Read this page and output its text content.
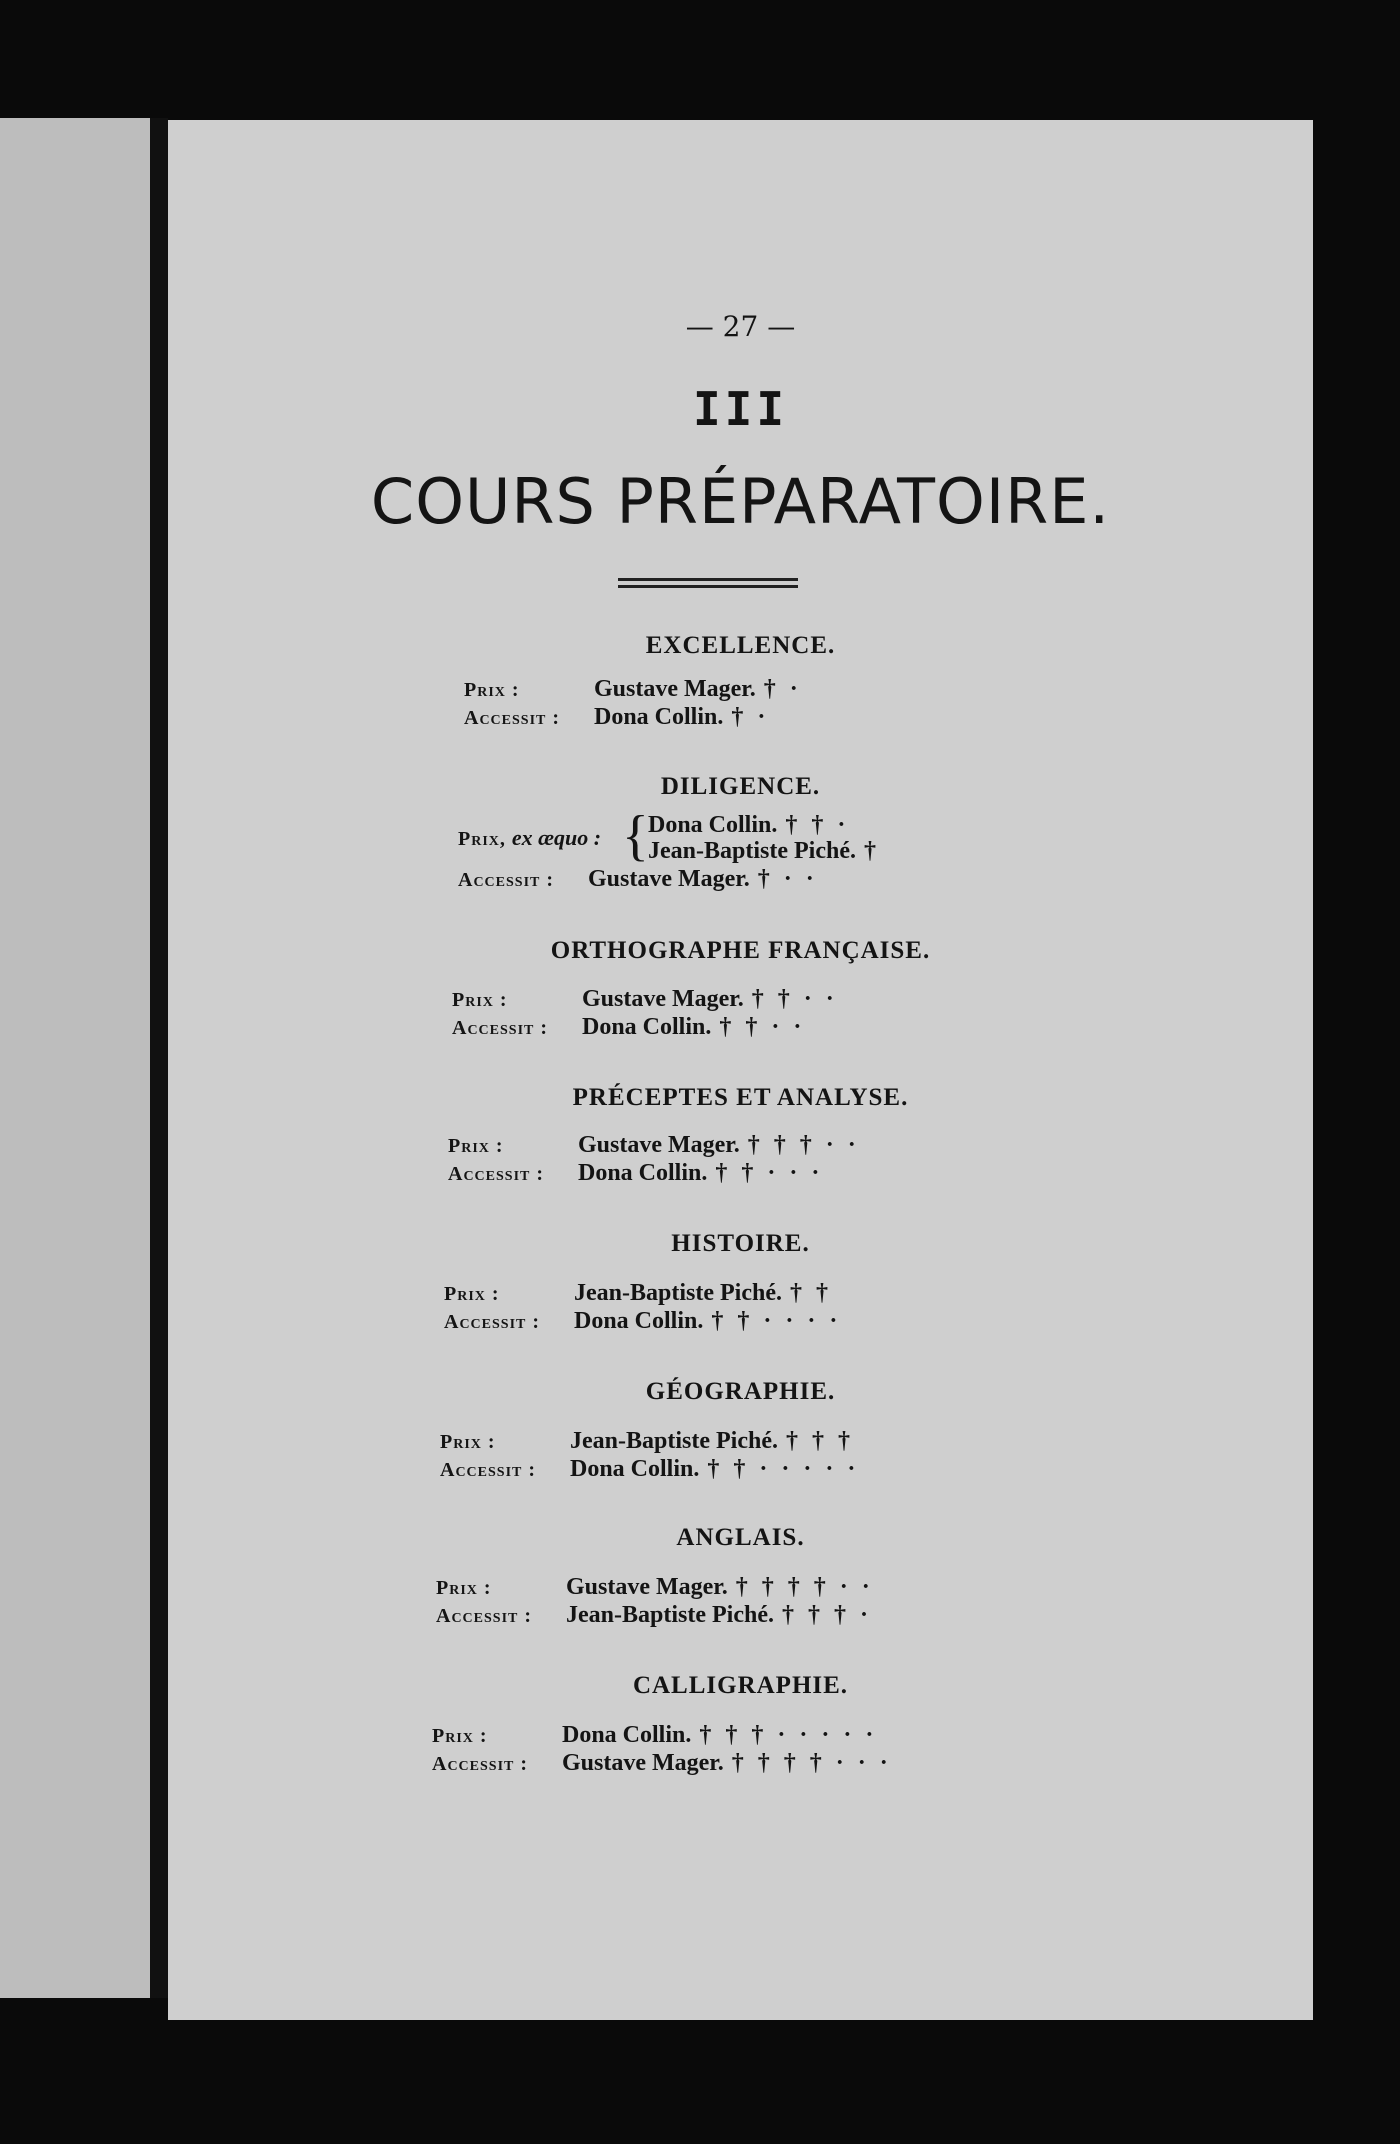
— 27 —
III
COURS PRÉPARATOIRE.
EXCELLENCE.
Prix :	Gustave Mager. † ·
Accessit : Dona Collin. † ·
DILIGENCE.
Prix, ex æquo : { Dona Collin. † † ·
Jean-Baptiste Piché. †
Accessit : Gustave Mager. † · ·
ORTHOGRAPHE FRANÇAISE.
Prix :	Gustave Mager. † † · ·
Accessit : Dona Collin. † † · ·
PRÉCEPTES ET ANALYSE.
Prix :	Gustave Mager. † † † · ·
Accessit : Dona Collin. † † · · ·
HISTOIRE.
Prix :	Jean-Baptiste Piché. † †
Accessit : Dona Collin. † † · · · ·
GÉOGRAPHIE.
Prix :	Jean-Baptiste Piché. † † †
Accessit : Dona Collin. † † · · · · ·
ANGLAIS.
Prix :	Gustave Mager. † † † † · ·
Accessit : Jean-Baptiste Piché. † † † ·
CALLIGRAPHIE.
Prix :	Dona Collin. † † † · · · · ·
Accessit : Gustave Mager. † † † † · · ·
